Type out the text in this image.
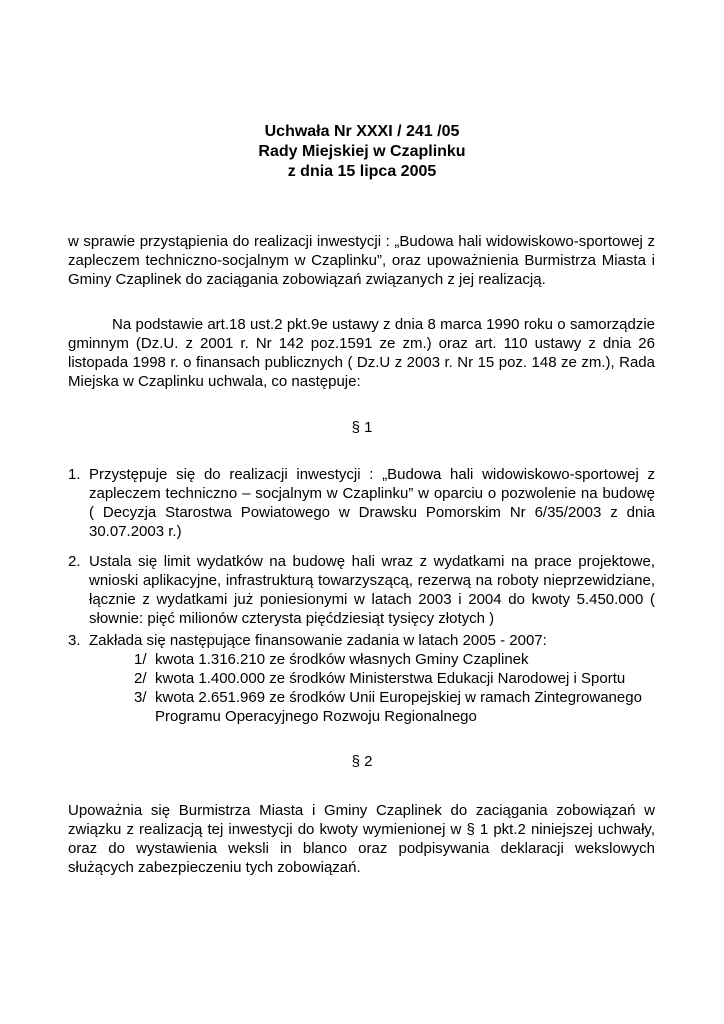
Uchwała Nr XXXI / 241 /05
Rady Miejskiej w Czaplinku
z dnia 15 lipca 2005
w sprawie przystąpienia do realizacji inwestycji : „Budowa hali widowiskowo-sportowej z zapleczem techniczno-socjalnym w Czaplinku”, oraz upoważnienia Burmistrza Miasta i Gminy Czaplinek do zaciągania zobowiązań związanych z jej realizacją.
Na podstawie art.18 ust.2 pkt.9e ustawy z dnia 8 marca 1990 roku o samorządzie gminnym (Dz.U. z 2001 r. Nr 142 poz.1591 ze zm.) oraz art. 110 ustawy z dnia 26 listopada 1998 r. o finansach publicznych ( Dz.U z 2003 r. Nr 15 poz. 148 ze zm.), Rada Miejska w Czaplinku uchwala, co następuje:
§ 1
1. Przystępuje się do realizacji inwestycji : „Budowa hali widowiskowo-sportowej z zapleczem techniczno – socjalnym w Czaplinku” w oparciu o pozwolenie na budowę ( Decyzja Starostwa Powiatowego w Drawsku Pomorskim Nr 6/35/2003 z dnia 30.07.2003 r.)
2. Ustala się limit wydatków na budowę hali wraz z wydatkami na prace projektowe, wnioski aplikacyjne, infrastrukturą towarzyszącą, rezerwą na roboty nieprzewidziane, łącznie z wydatkami już poniesionymi w latach 2003 i 2004 do kwoty 5.450.000 ( słownie: pięć milionów czterysta pięćdziesiąt tysięcy złotych )
3. Zakłada się następujące finansowanie zadania w latach 2005 - 2007:
1/ kwota 1.316.210 ze środków własnych Gminy Czaplinek
2/ kwota 1.400.000 ze środków Ministerstwa Edukacji Narodowej i Sportu
3/ kwota 2.651.969 ze środków Unii Europejskiej w ramach Zintegrowanego Programu Operacyjnego Rozwoju Regionalnego
§ 2
Upoważnia się Burmistrza Miasta i Gminy Czaplinek do zaciągania zobowiązań w związku z realizacją tej inwestycji do kwoty wymienionej w § 1 pkt.2 niniejszej uchwały, oraz do wystawienia weksli in blanco oraz podpisywania deklaracji wekslowych służących zabezpieczeniu tych zobowiązań.
